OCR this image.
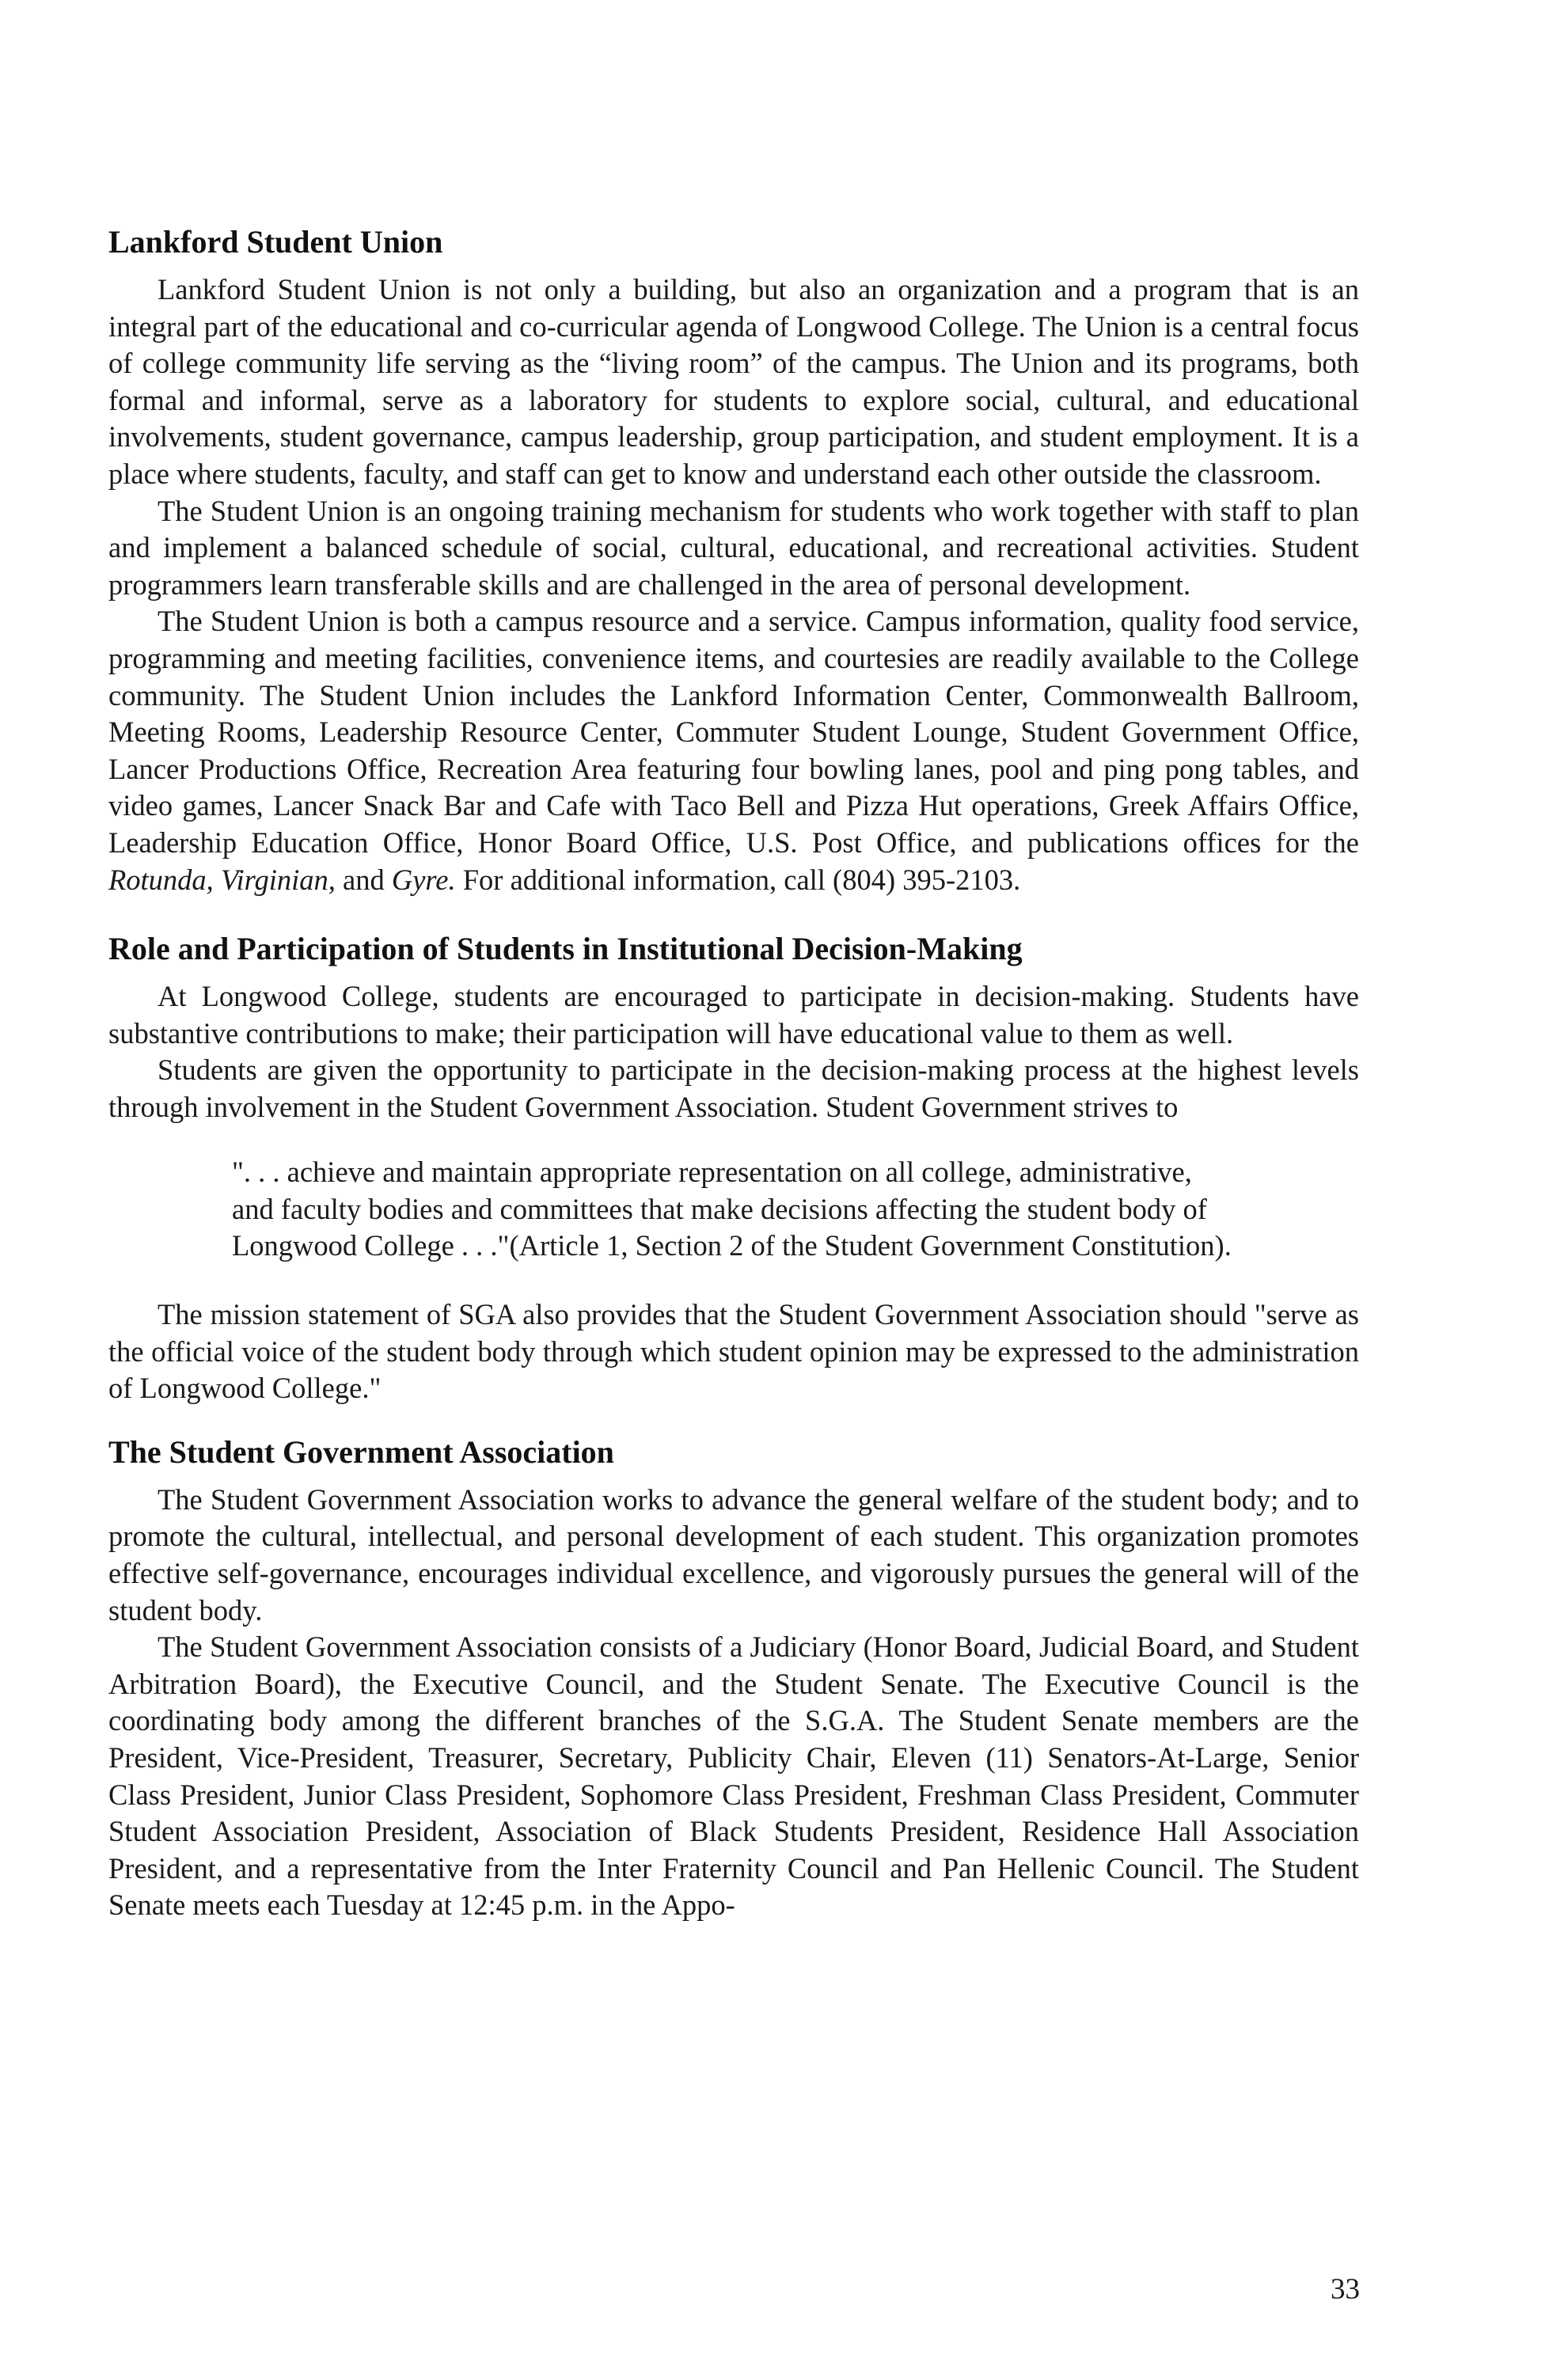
Lankford Student Union

Lankford Student Union is not only a building, but also an organization and a program that is an integral part of the educational and co-curricular agenda of Longwood College. The Union is a central focus of college community life serving as the “living room” of the campus. The Union and its programs, both formal and informal, serve as a laboratory for students to explore social, cultural, and educational involvements, student governance, campus leadership, group participation, and student employment. It is a place where students, faculty, and staff can get to know and understand each other outside the classroom.

The Student Union is an ongoing training mechanism for students who work together with staff to plan and implement a balanced schedule of social, cultural, educational, and recreational activities. Student programmers learn transferable skills and are challenged in the area of personal development.

The Student Union is both a campus resource and a service. Campus information, quality food service, programming and meeting facilities, convenience items, and courtesies are readily available to the College community. The Student Union includes the Lankford Information Center, Commonwealth Ballroom, Meeting Rooms, Leadership Resource Center, Commuter Student Lounge, Student Government Office, Lancer Productions Office, Recreation Area featuring four bowling lanes, pool and ping pong tables, and video games, Lancer Snack Bar and Cafe with Taco Bell and Pizza Hut operations, Greek Affairs Office, Leadership Education Office, Honor Board Office, U.S. Post Office, and publications offices for the Rotunda, Virginian, and Gyre. For additional information, call (804) 395-2103.

Role and Participation of Students in Institutional Decision-Making

At Longwood College, students are encouraged to participate in decision-making. Students have substantive contributions to make; their participation will have educational value to them as well.

Students are given the opportunity to participate in the decision-making process at the highest levels through involvement in the Student Government Association. Student Government strives to

". . . achieve and maintain appropriate representation on all college, administrative, and faculty bodies and committees that make decisions affecting the student body of Longwood College . . ."(Article 1, Section 2 of the Student Government Constitution).

The mission statement of SGA also provides that the Student Government Association should "serve as the official voice of the student body through which student opinion may be expressed to the administration of Longwood College."

The Student Government Association

The Student Government Association works to advance the general welfare of the student body; and to promote the cultural, intellectual, and personal development of each student. This organization promotes effective self-governance, encourages individual excellence, and vigorously pursues the general will of the student body.

The Student Government Association consists of a Judiciary (Honor Board, Judicial Board, and Student Arbitration Board), the Executive Council, and the Student Senate. The Executive Council is the coordinating body among the different branches of the S.G.A. The Student Senate members are the President, Vice-President, Treasurer, Secretary, Publicity Chair, Eleven (11) Senators-At-Large, Senior Class President, Junior Class President, Sophomore Class President, Freshman Class President, Commuter Student Association President, Association of Black Students President, Residence Hall Association President, and a representative from the Inter Fraternity Council and Pan Hellenic Council. The Student Senate meets each Tuesday at 12:45 p.m. in the Appo-

33
